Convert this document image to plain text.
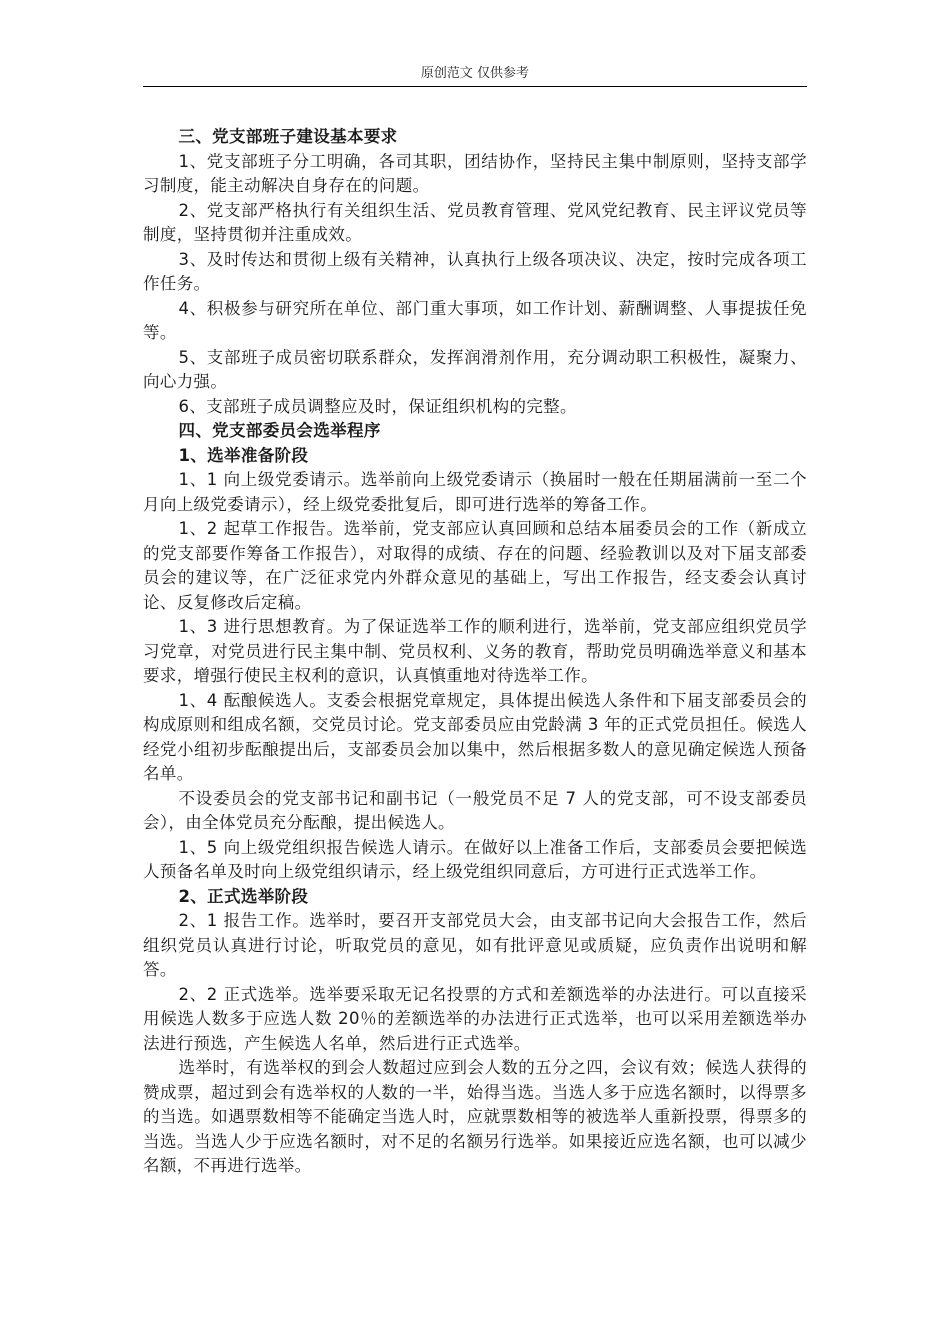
原创范文 仅供参考

三、党支部班子建设基本要求

1、党支部班子分工明确，各司其职，团结协作，坚持民主集中制原则，坚持支部学习制度，能主动解决自身存在的问题。

2、党支部严格执行有关组织生活、党员教育管理、党风党纪教育、民主评议党员等制度，坚持贯彻并注重成效。

3、及时传达和贯彻上级有关精神，认真执行上级各项决议、决定，按时完成各项工作任务。

4、积极参与研究所在单位、部门重大事项，如工作计划、薪酬调整、人事提拔任免等。

5、支部班子成员密切联系群众，发挥润滑剂作用，充分调动职工积极性，凝聚力、向心力强。

6、支部班子成员调整应及时，保证组织机构的完整。

四、党支部委员会选举程序

1、选举准备阶段

1、1 向上级党委请示。选举前向上级党委请示（换届时一般在任期届满前一至二个月向上级党委请示），经上级党委批复后，即可进行选举的筹备工作。

1、2 起草工作报告。选举前，党支部应认真回顾和总结本届委员会的工作（新成立的党支部要作筹备工作报告），对取得的成绩、存在的问题、经验教训以及对下届支部委员会的建议等，在广泛征求党内外群众意见的基础上，写出工作报告，经支委会认真讨论、反复修改后定稿。

1、3 进行思想教育。为了保证选举工作的顺利进行，选举前，党支部应组织党员学习党章，对党员进行民主集中制、党员权利、义务的教育，帮助党员明确选举意义和基本要求，增强行使民主权利的意识，认真慎重地对待选举工作。

1、4 酝酿候选人。支委会根据党章规定，具体提出候选人条件和下届支部委员会的构成原则和组成名额，交党员讨论。党支部委员应由党龄满 3 年的正式党员担任。候选人经党小组初步酝酿提出后，支部委员会加以集中，然后根据多数人的意见确定候选人预备名单。

不设委员会的党支部书记和副书记（一般党员不足 7 人的党支部，可不设支部委员会），由全体党员充分酝酿，提出候选人。

1、5 向上级党组织报告候选人请示。在做好以上准备工作后，支部委员会要把候选人预备名单及时向上级党组织请示，经上级党组织同意后，方可进行正式选举工作。

2、正式选举阶段

2、1 报告工作。选举时，要召开支部党员大会，由支部书记向大会报告工作，然后组织党员认真进行讨论，听取党员的意见，如有批评意见或质疑，应负责作出说明和解答。

2、2 正式选举。选举要采取无记名投票的方式和差额选举的办法进行。可以直接采用候选人数多于应选人数 20％的差额选举的办法进行正式选举，也可以采用差额选举办法进行预选，产生候选人名单，然后进行正式选举。

选举时，有选举权的到会人数超过应到会人数的五分之四，会议有效；候选人获得的赞成票，超过到会有选举权的人数的一半，始得当选。当选人多于应选名额时，以得票多的当选。如遇票数相等不能确定当选人时，应就票数相等的被选举人重新投票，得票多的当选。当选人少于应选名额时，对不足的名额另行选举。如果接近应选名额，也可以减少名额，不再进行选举。
